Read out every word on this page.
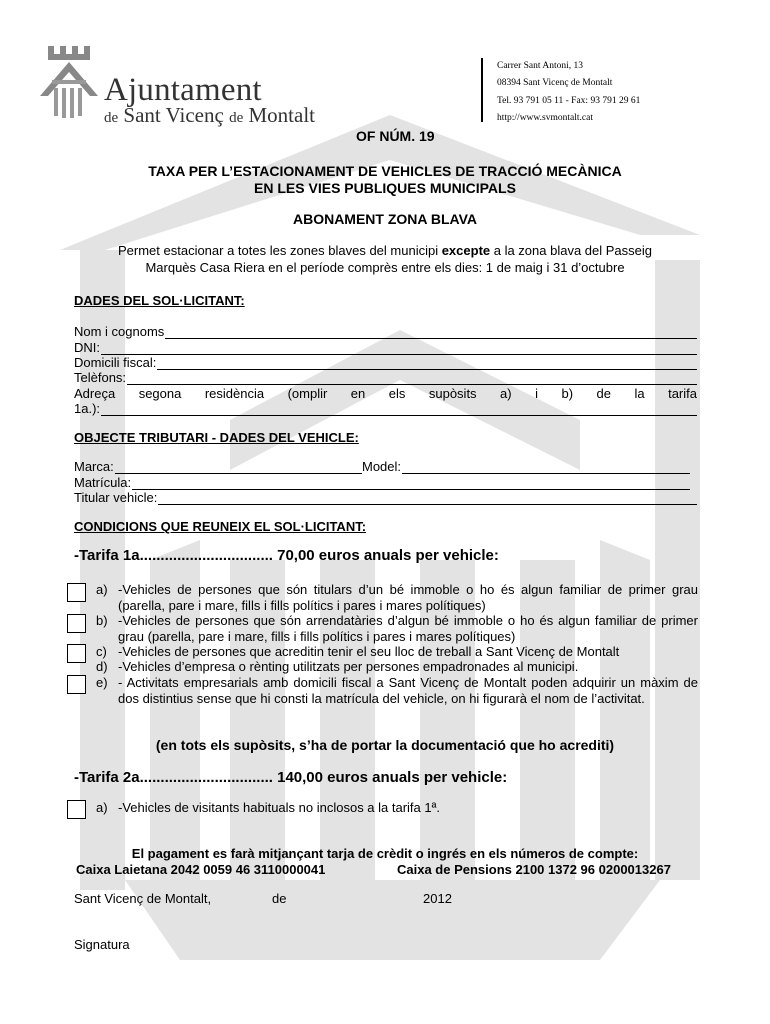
Ajuntament
de Sant Vicenç de Montalt
Carrer Sant Antoni, 13
08394 Sant Vicenç de Montalt
Tel. 93 791 05 11 - Fax: 93 791 29 61
http://www.svmontalt.cat
OF NÚM. 19
TAXA PER L’ESTACIONAMENT DE VEHICLES DE TRACCIÓ MECÀNICA
EN LES VIES PUBLIQUES MUNICIPALS
ABONAMENT ZONA BLAVA
Permet estacionar a totes les zones blaves del municipi excepte a la zona blava del Passeig
Marquès Casa Riera en el període comprès entre els dies: 1 de maig i 31 d’octubre
DADES DEL SOL·LICITANT:
Nom i cognoms
DNI:
Domicili fiscal:
Telèfons:
Adreça segona residència (omplir en els supòsits a) i b) de la tarifa
1a.):
OBJECTE TRIBUTARI - DADES DEL VEHICLE:
Marca:	Model:
Matrícula:
Titular vehicle:
CONDICIONS QUE REUNEIX EL SOL·LICITANT:
-Tarifa 1a................................ 70,00 euros anuals per vehicle:
a) -Vehicles de persones que són titulars d’un bé immoble o ho és algun familiar de primer grau (parella, pare i mare, fills i fills polítics i pares i mares polítiques)
b) -Vehicles de persones que són arrendatàries d’algun bé immoble o ho és algun familiar de primer grau (parella, pare i mare, fills i fills polítics i pares i mares polítiques)
c) -Vehicles de persones que acreditin tenir el seu lloc de treball a Sant Vicenç de Montalt
d) -Vehicles d’empresa o rènting utilitzats per persones empadronades al municipi.
e) - Activitats empresarials amb domicili fiscal a Sant Vicenç de Montalt poden adquirir un màxim de dos distintius sense que hi consti la matrícula del vehicle, on hi figurarà el nom de l’activitat.
(en tots els supòsits, s’ha de portar la documentació que ho acrediti)
-Tarifa 2a................................ 140,00 euros anuals per vehicle:
a) -Vehicles de visitants habituals no inclosos a la tarifa 1ª.
El pagament es farà mitjançant tarja de crèdit o ingrés en els números de compte:
Caixa Laietana 2042 0059 46 3110000041	Caixa de Pensions 2100 1372 96 0200013267
Sant Vicenç de Montalt,	de	2012
Signatura
